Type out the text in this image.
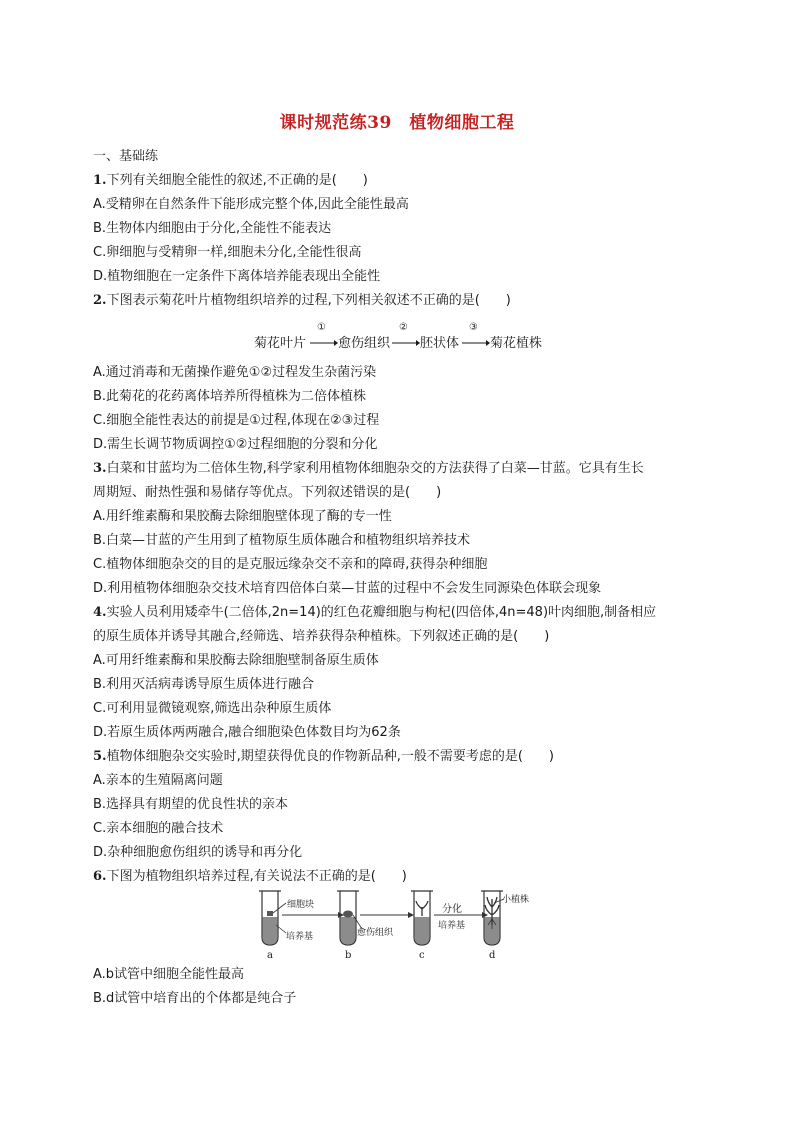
课时规范练39　植物细胞工程
一、基础练
1.下列有关细胞全能性的叙述,不正确的是(　　)
A.受精卵在自然条件下能形成完整个体,因此全能性最高
B.生物体内细胞由于分化,全能性不能表达
C.卵细胞与受精卵一样,细胞未分化,全能性很高
D.植物细胞在一定条件下离体培养能表现出全能性
2.下图表示菊花叶片植物组织培养的过程,下列相关叙述不正确的是(　　)
菊花叶片
①
愈伤组织
②
胚状体
③
菊花植株
A.通过消毒和无菌操作避免①②过程发生杂菌污染
B.此菊花的花药离体培养所得植株为二倍体植株
C.细胞全能性表达的前提是①过程,体现在②③过程
D.需生长调节物质调控①②过程细胞的分裂和分化
3.白菜和甘蓝均为二倍体生物,科学家利用植物体细胞杂交的方法获得了白菜—甘蓝。它具有生长
周期短、耐热性强和易储存等优点。下列叙述错误的是(　　)
A.用纤维素酶和果胶酶去除细胞壁体现了酶的专一性
B.白菜—甘蓝的产生用到了植物原生质体融合和植物组织培养技术
C.植物体细胞杂交的目的是克服远缘杂交不亲和的障碍,获得杂种细胞
D.利用植物体细胞杂交技术培育四倍体白菜—甘蓝的过程中不会发生同源染色体联会现象
4.实验人员利用矮牵牛(二倍体,2n=14)的红色花瓣细胞与枸杞(四倍体,4n=48)叶肉细胞,制备相应
的原生质体并诱导其融合,经筛选、培养获得杂种植株。下列叙述正确的是(　　)
A.可用纤维素酶和果胶酶去除细胞壁制备原生质体
B.利用灭活病毒诱导原生质体进行融合
C.可利用显微镜观察,筛选出杂种原生质体
D.若原生质体两两融合,融合细胞染色体数目均为62条
5.植物体细胞杂交实验时,期望获得优良的作物新品种,一般不需要考虑的是(　　)
A.亲本的生殖隔离问题
B.选择具有期望的优良性状的亲本
C.亲本细胞的融合技术
D.杂种细胞愈伤组织的诱导和再分化
6.下图为植物组织培养过程,有关说法不正确的是(　　)
细胞块
培养基	愈伤组织
分化
培养基
小植株
a	b	c	d
A.b试管中细胞全能性最高
B.d试管中培育出的个体都是纯合子
